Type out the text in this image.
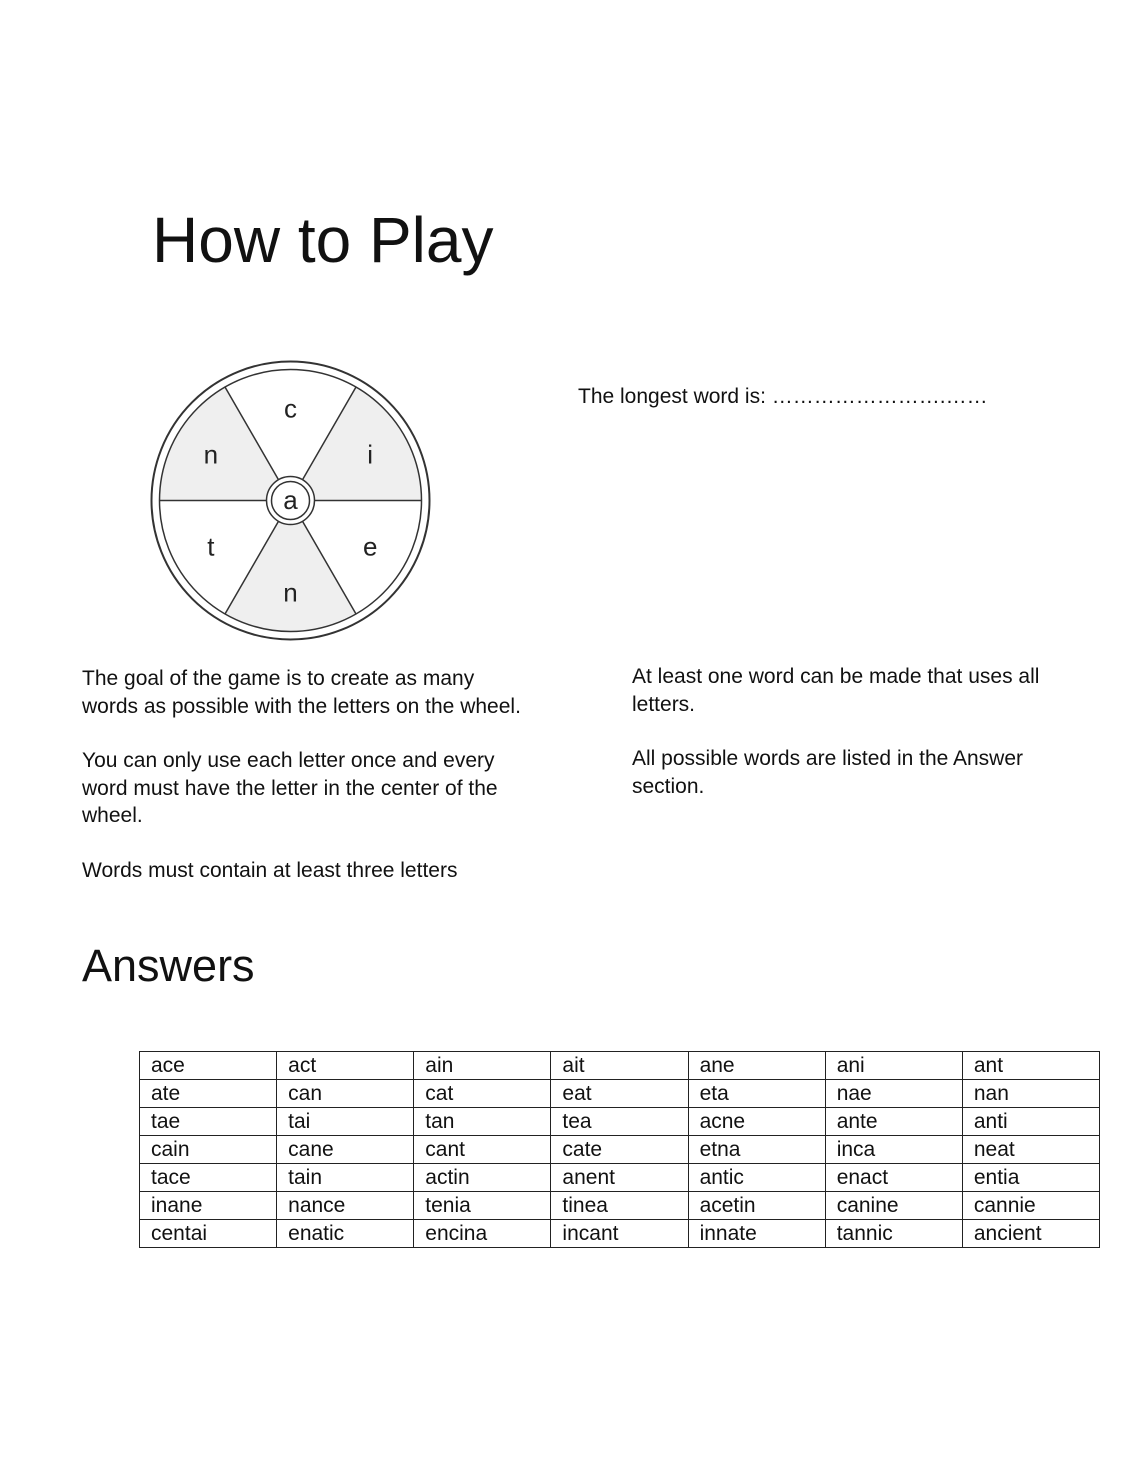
How to Play
a
c
i
e
n
t
n
The longest word is: …………………….……

The goal of the game is to create as many words as possible with the letters on the wheel.

You can only use each letter once and every word must have the letter in the center of the wheel.

Words must contain at least three letters

At least one word can be made that uses all letters.

All possible words are listed in the Answer section.

Answers
ace	act	ain	ait	ane	ani	ant
ate	can	cat	eat	eta	nae	nan
tae	tai	tan	tea	acne	ante	anti
cain	cane	cant	cate	etna	inca	neat
tace	tain	actin	anent	antic	enact	entia
inane	nance	tenia	tinea	acetin	canine	cannie
centai	enatic	encina	incant	innate	tannic	ancient
